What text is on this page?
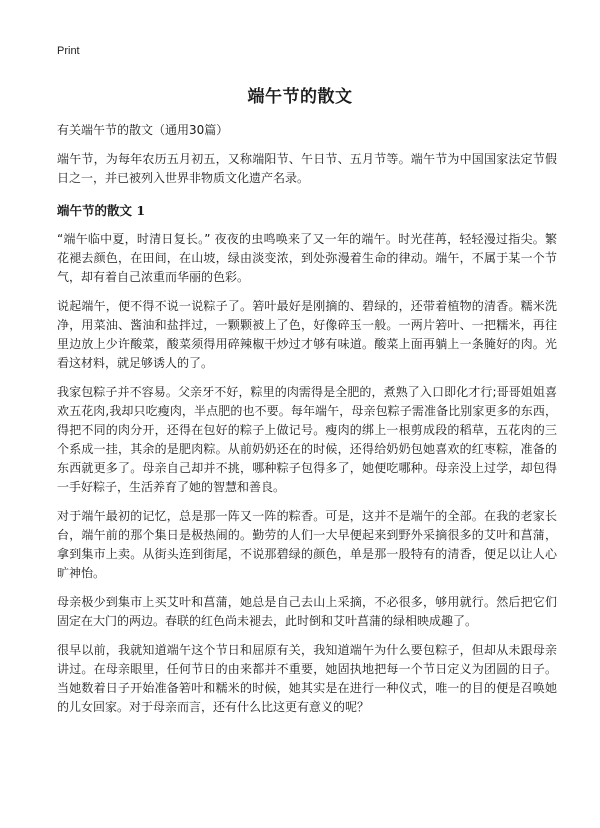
Print
端午节的散文

有关端午节的散文（通用30篇）

端午节，为每年农历五月初五，又称端阳节、午日节、五月节等。端午节为中国国家法定节假日之一，并已被列入世界非物质文化遗产名录。

端午节的散文 1

“端午临中夏，时清日复长。” 夜夜的虫鸣唤来了又一年的端午。时光荏苒，轻轻漫过指尖。繁花褪去颜色，在田间，在山坡，绿由淡变浓，到处弥漫着生命的律动。端午，不属于某一个节气，却有着自己浓重而华丽的色彩。

说起端午，便不得不说一说粽子了。箬叶最好是刚摘的、碧绿的，还带着植物的清香。糯米洗净，用菜油、酱油和盐拌过，一颗颗被上了色，好像碎玉一般。一两片箬叶、一把糯米，再往里边放上少许酸菜，酸菜须得用碎辣椒干炒过才够有味道。酸菜上面再躺上一条腌好的肉。光看这材料，就足够诱人的了。

我家包粽子并不容易。父亲牙不好，粽里的肉需得是全肥的，煮熟了入口即化才行;哥哥姐姐喜欢五花肉,我却只吃瘦肉，半点肥的也不要。每年端午，母亲包粽子需准备比别家更多的东西，得把不同的肉分开，还得在包好的粽子上做记号。瘦肉的绑上一根剪成段的稻草，五花肉的三个系成一挂，其余的是肥肉粽。从前奶奶还在的时候，还得给奶奶包她喜欢的红枣粽，准备的东西就更多了。母亲自己却并不挑，哪种粽子包得多了，她便吃哪种。母亲没上过学，却包得一手好粽子，生活养育了她的智慧和善良。

对于端午最初的记忆，总是那一阵又一阵的粽香。可是，这并不是端午的全部。在我的老家长台，端午前的那个集日是极热闹的。勤劳的人们一大早便起来到野外采摘很多的艾叶和菖蒲，拿到集市上卖。从街头连到街尾，不说那碧绿的颜色，单是那一股特有的清香，便足以让人心旷神怡。

母亲极少到集市上买艾叶和菖蒲，她总是自己去山上采摘，不必很多，够用就行。然后把它们固定在大门的两边。春联的红色尚未褪去，此时倒和艾叶菖蒲的绿相映成趣了。

很早以前，我就知道端午这个节日和屈原有关，我知道端午为什么要包粽子，但却从未跟母亲讲过。在母亲眼里，任何节日的由来都并不重要，她固执地把每一个节日定义为团圆的日子。当她数着日子开始准备箬叶和糯米的时候，她其实是在进行一种仪式，唯一的目的便是召唤她的儿女回家。对于母亲而言，还有什么比这更有意义的呢？
